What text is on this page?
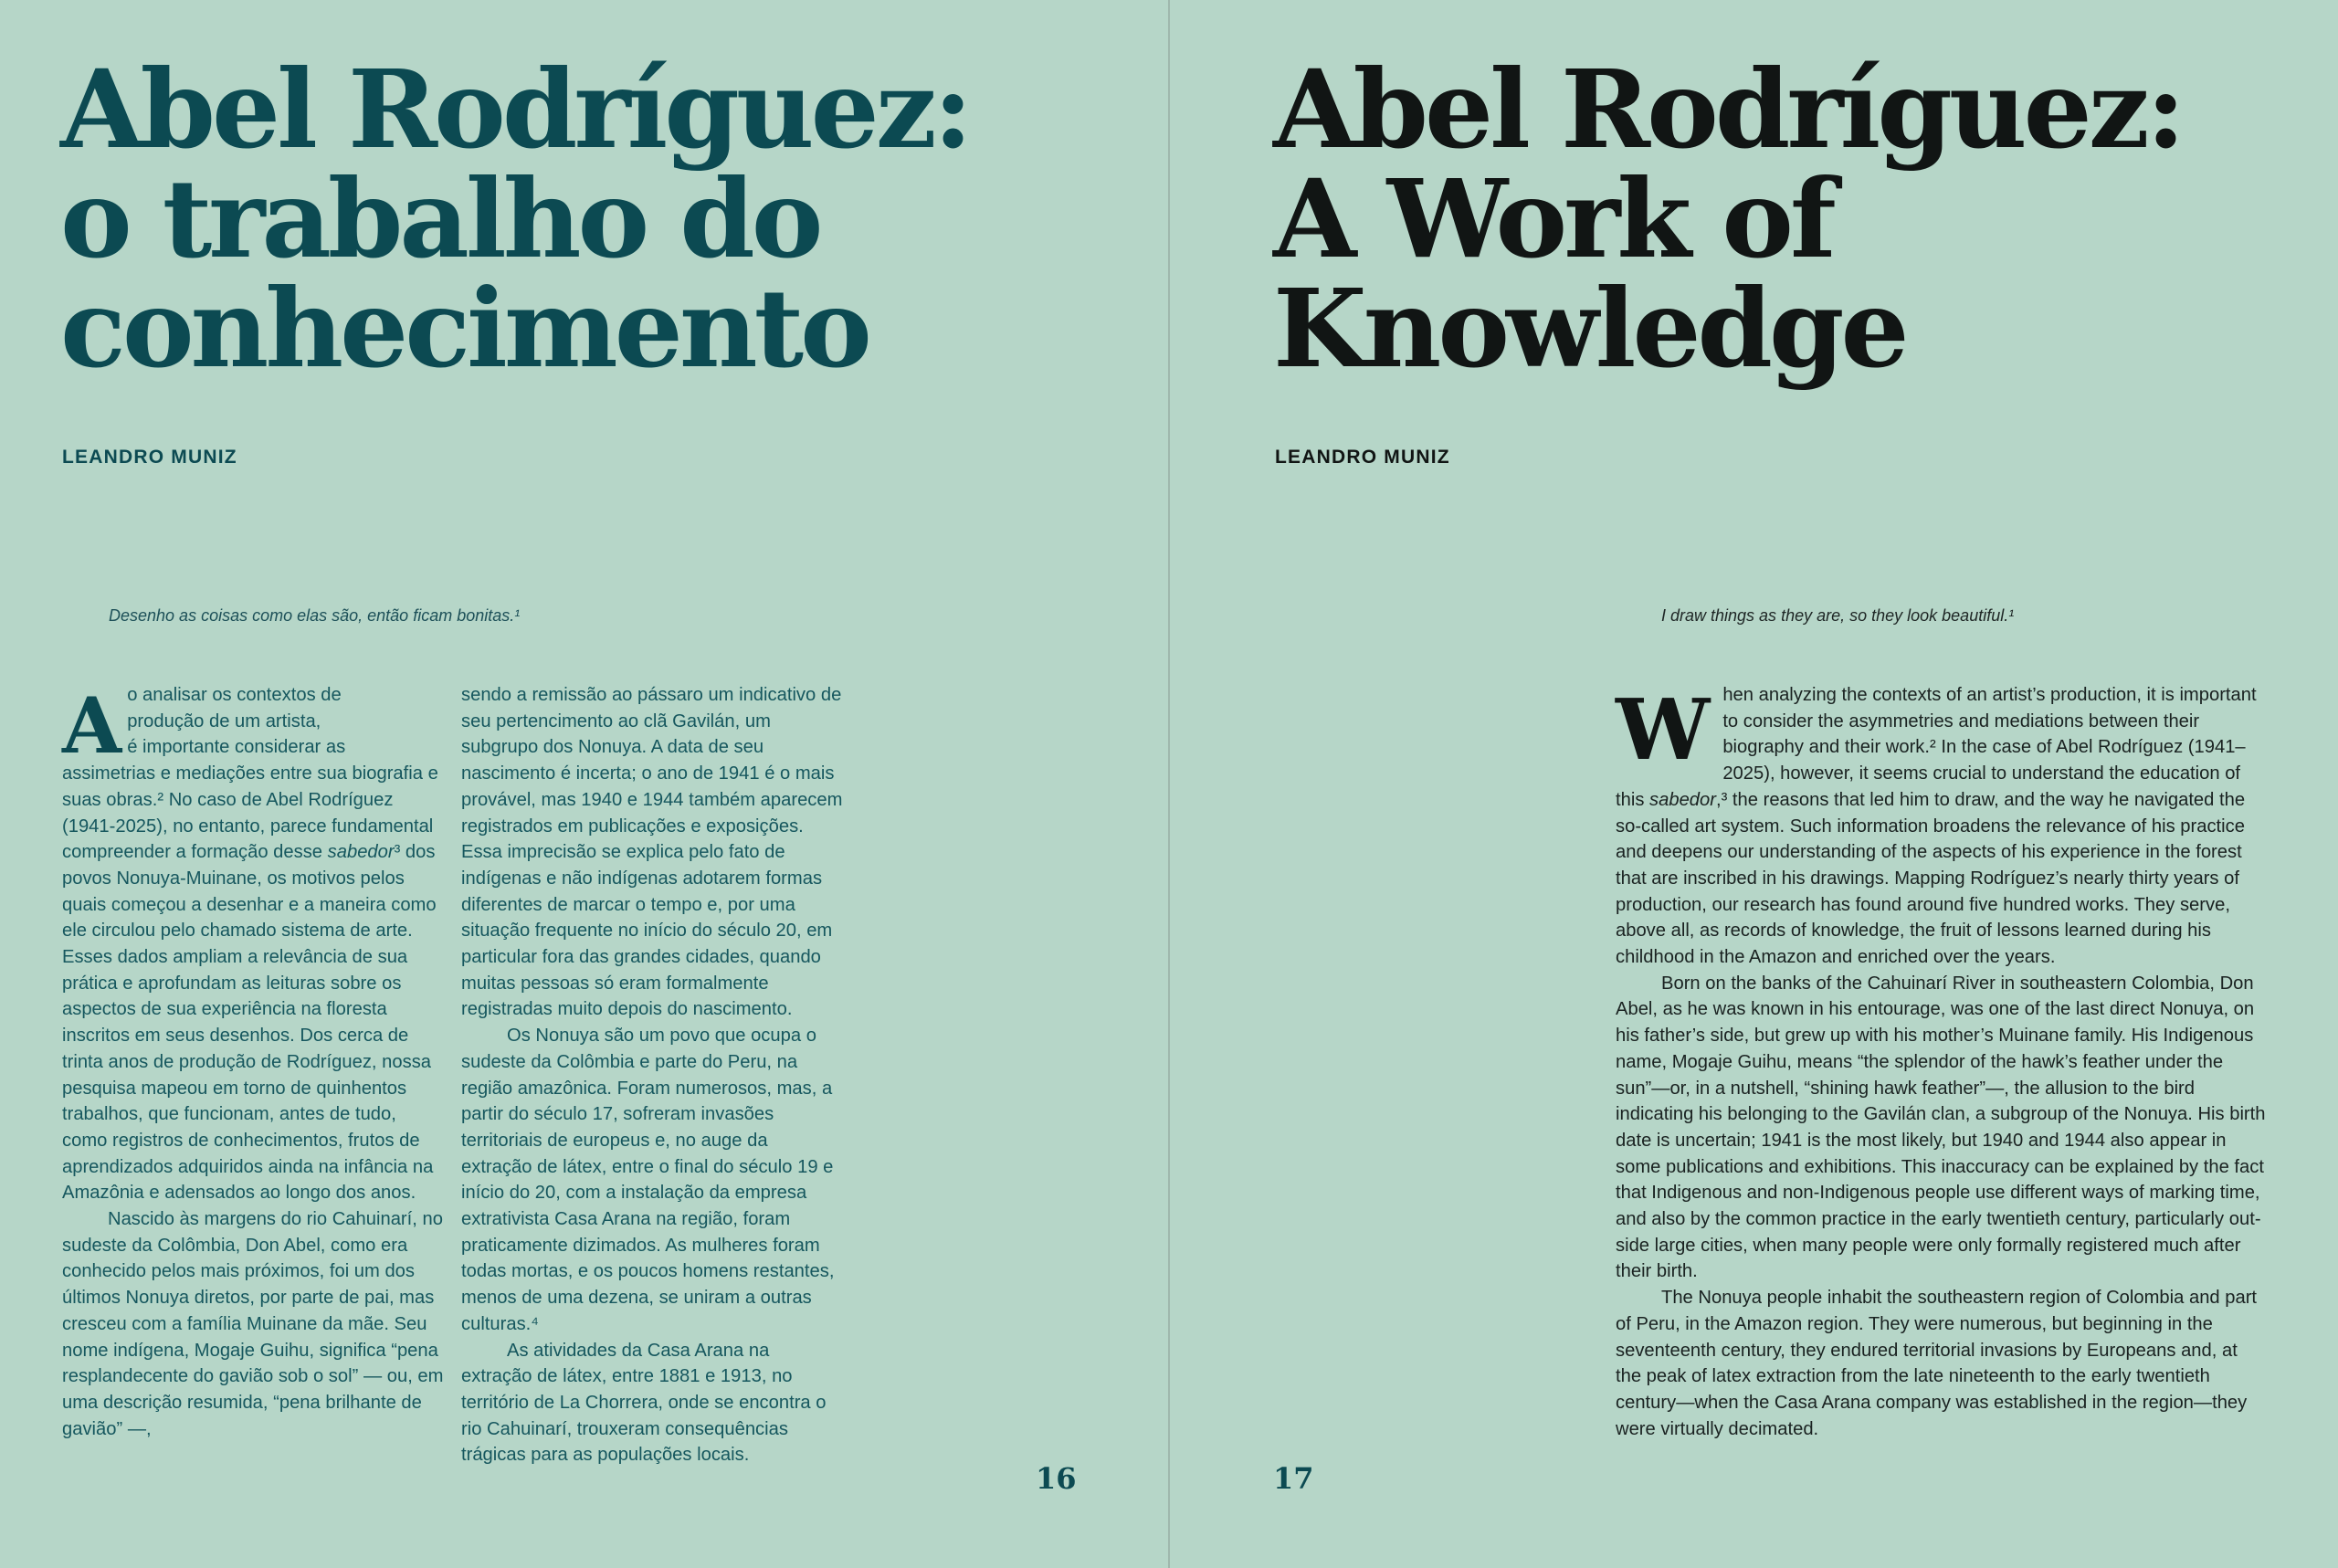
Abel Rodríguez:
o trabalho do
conhecimento

LEANDRO MUNIZ

Desenho as coisas como elas são, então ficam bonitas.¹

A o analisar os contextos de
produção de um artista,
é importante considerar as
assimetrias e mediações entre sua biografia e suas obras.² No caso de Abel Rodríguez (1941-2025), no entanto, parece fundamental compreender a formação desse sabedor³ dos povos Nonuya-Muinane, os motivos pelos quais começou a desenhar e a maneira como ele circulou pelo chamado sistema de arte. Esses dados ampliam a relevância de sua prática e aprofundam as leituras sobre os aspectos de sua experiência na floresta inscritos em seus desenhos. Dos cerca de trinta anos de produção de Rodríguez, nossa pesquisa mapeou em torno de quinhentos trabalhos, que funcionam, antes de tudo, como registros de conhecimentos, frutos de aprendizados adquiridos ainda na infância na Amazônia e adensados ao longo dos anos.

Nascido às margens do rio Cahuinarí, no sudeste da Colômbia, Don Abel, como era conhecido pelos mais próximos, foi um dos últimos Nonuya diretos, por parte de pai, mas cresceu com a família Muinane da mãe. Seu nome indígena, Mogaje Guihu, significa “pena resplandecente do gavião sob o sol” — ou, em uma descrição resumida, “pena brilhante de gavião” —,

sendo a remissão ao pássaro um indicativo de seu pertencimento ao clã Gavilán, um subgrupo dos Nonuya. A data de seu nascimento é incerta; o ano de 1941 é o mais provável, mas 1940 e 1944 também aparecem registrados em publicações e exposições. Essa imprecisão se explica pelo fato de indígenas e não indígenas adotarem formas diferentes de marcar o tempo e, por uma situação frequente no início do século 20, em particular fora das grandes cidades, quando muitas pessoas só eram formalmente registradas muito depois do nascimento.

Os Nonuya são um povo que ocupa o sudeste da Colômbia e parte do Peru, na região amazônica. Foram numerosos, mas, a partir do século 17, sofreram invasões territoriais de europeus e, no auge da extração de látex, entre o final do século 19 e início do 20, com a instalação da empresa extrativista Casa Arana na região, foram praticamente dizimados. As mulheres foram todas mortas, e os poucos homens restantes, menos de uma dezena, se uniram a outras culturas.⁴

As atividades da Casa Arana na extração de látex, entre 1881 e 1913, no território de La Chorrera, onde se encontra o rio Cahuinarí, trouxeram consequências trágicas para as populações locais.

16

Abel Rodríguez:
A Work of
Knowledge

LEANDRO MUNIZ

I draw things as they are, so they look beautiful.¹

When analyzing the contexts of an artist’s production, it is important to consider the asymmetries and mediations between their biography and their work.² In the case of Abel Rodríguez (1941–2025), however, it seems crucial to understand the education of this sabedor,³ the reasons that led him to draw, and the way he navigated the so-called art system. Such information broadens the relevance of his practice and deepens our understanding of the aspects of his experience in the forest that are inscribed in his drawings. Mapping Rodríguez’s nearly thirty years of production, our research has found around five hundred works. They serve, above all, as records of knowledge, the fruit of lessons learned during his childhood in the Amazon and enriched over the years.

Born on the banks of the Cahuinarí River in southeastern Colombia, Don Abel, as he was known in his entourage, was one of the last direct Nonuya, on his father’s side, but grew up with his mother’s Muinane family. His Indigenous name, Mogaje Guihu, means “the splendor of the hawk’s feather under the sun”—or, in a nutshell, “shining hawk feather”—, the allusion to the bird indicating his belonging to the Gavilán clan, a subgroup of the Nonuya. His birth date is uncertain; 1941 is the most likely, but 1940 and 1944 also appear in some publications and exhibitions. This inaccuracy can be explained by the fact that Indigenous and non-Indigenous people use different ways of marking time, and also by the common practice in the early twentieth century, particularly outside large cities, when many people were only formally registered much after their birth.

The Nonuya people inhabit the southeastern region of Colombia and part of Peru, in the Amazon region. They were numerous, but beginning in the seventeenth century, they endured territorial invasions by Europeans and, at the peak of latex extraction from the late nineteenth to the early twentieth century—when the Casa Arana company was established in the region—they were virtually decimated.

17
